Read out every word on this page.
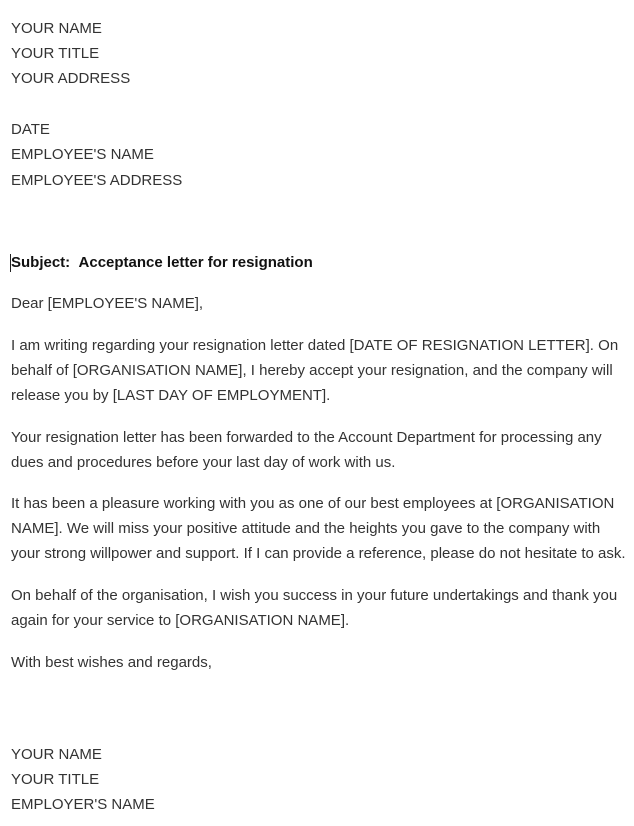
YOUR NAME
YOUR TITLE
YOUR ADDRESS
DATE
EMPLOYEE'S NAME
EMPLOYEE'S ADDRESS
Subject: Acceptance letter for resignation
Dear [EMPLOYEE'S NAME],
I am writing regarding your resignation letter dated [DATE OF RESIGNATION LETTER]. On behalf of [ORGANISATION NAME], I hereby accept your resignation, and the company will release you by [LAST DAY OF EMPLOYMENT].
Your resignation letter has been forwarded to the Account Department for processing any dues and procedures before your last day of work with us.
It has been a pleasure working with you as one of our best employees at [ORGANISATION NAME]. We will miss your positive attitude and the heights you gave to the company with your strong willpower and support. If I can provide a reference, please do not hesitate to ask.
On behalf of the organisation, I wish you success in your future undertakings and thank you again for your service to [ORGANISATION NAME].
With best wishes and regards,
YOUR NAME
YOUR TITLE
EMPLOYER'S NAME
